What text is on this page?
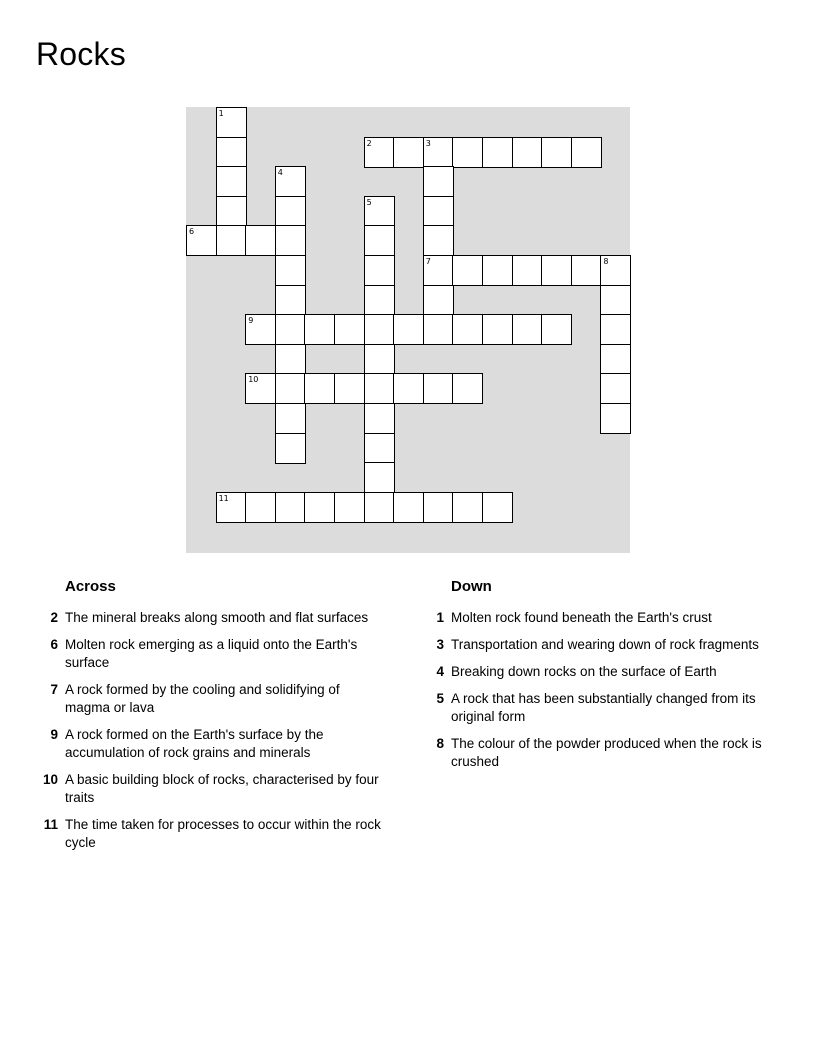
Rocks
1
2	3
7
4
5
6
8
9
10
11
Across
2 The mineral breaks along smooth and flat surfaces
6 Molten rock emerging as a liquid onto the Earth's surface
7 A rock formed by the cooling and solidifying of magma or lava
9 A rock formed on the Earth's surface by the accumulation of rock grains and minerals
10 A basic building block of rocks, characterised by four traits
11 The time taken for processes to occur within the rock cycle
Down
1 Molten rock found beneath the Earth's crust
3 Transportation and wearing down of rock fragments
4 Breaking down rocks on the surface of Earth
5 A rock that has been substantially changed from its original form
8 The colour of the powder produced when the rock is crushed
